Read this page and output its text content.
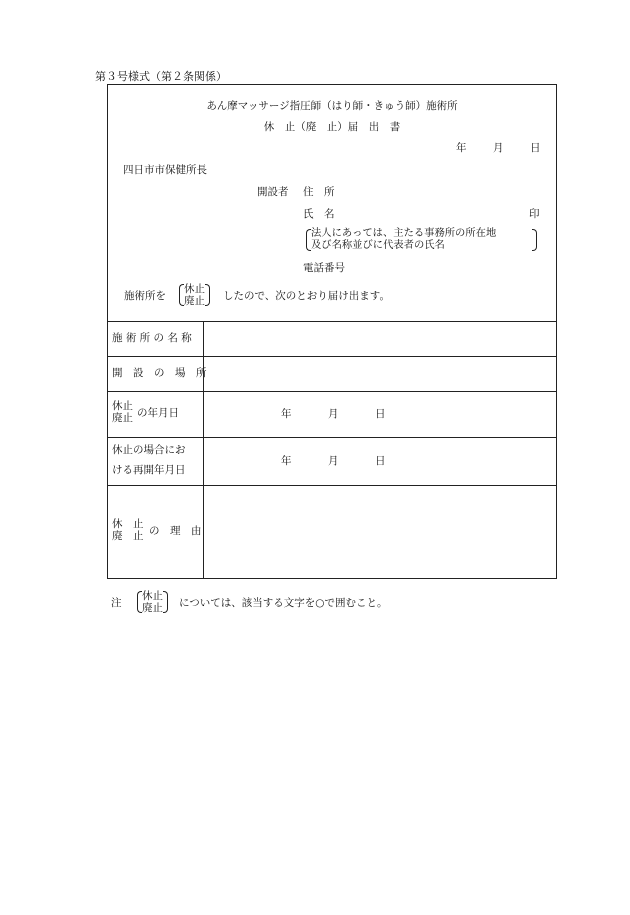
第３号様式（第２条関係）
あん摩マッサージ指圧師（はり師・きゅう師）施術所
休　止（廃　止）届　出　書
年	月	日
四日市市保健所長
開設者 住　所
氏　名	印
法人にあっては、主たる事務所の所在地
及び名称並びに代表者の氏名
電話番号
施術所を
休止
廃止 したので、次のとおり届け出ます。
施 術 所 の 名 称
開　設　の　場　所
休止
廃止 の年月日	年	月	日
休止の場合にお
ける再開年月日
年	月	日
休　止
廃　止 の　理　由
注
休止
廃止 については、該当する文字を○で囲むこと。
